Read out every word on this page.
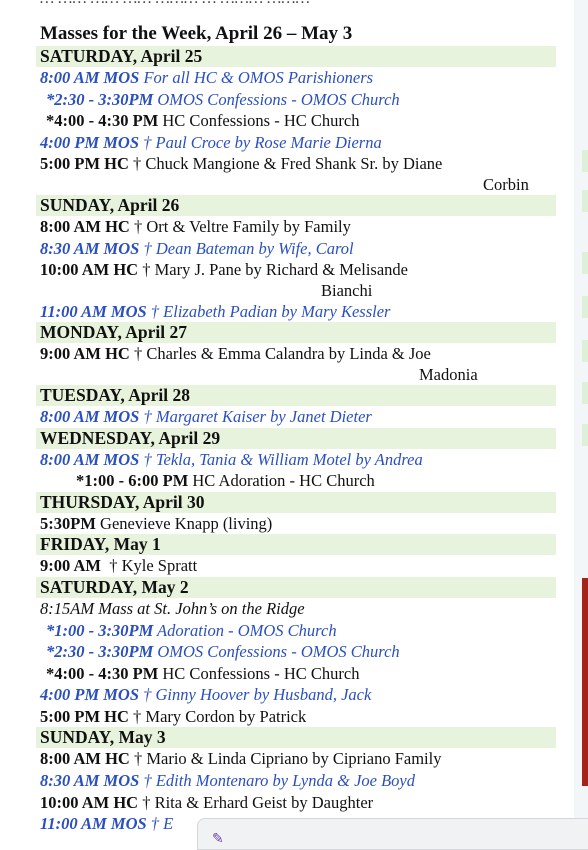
Masses for the Week, April 26 – May 3
SATURDAY, April 25
8:00 AM MOS For all HC & OMOS Parishioners
*2:30 - 3:30PM OMOS Confessions - OMOS Church
*4:00 - 4:30 PM HC Confessions - HC Church
4:00 PM MOS † Paul Croce by Rose Marie Dierna
5:00 PM HC † Chuck Mangione & Fred Shank Sr. by Diane
Corbin
SUNDAY, April 26
8:00 AM HC † Ort & Veltre Family by Family
8:30 AM MOS † Dean Bateman by Wife, Carol
10:00 AM HC † Mary J. Pane by Richard & Melisande
Bianchi
11:00 AM MOS † Elizabeth Padian by Mary Kessler
MONDAY, April 27
9:00 AM HC † Charles & Emma Calandra by Linda & Joe
Madonia
TUESDAY, April 28
8:00 AM MOS † Margaret Kaiser by Janet Dieter
WEDNESDAY, April 29
8:00 AM MOS † Tekla, Tania & William Motel by Andrea
*1:00 - 6:00 PM HC Adoration - HC Church
THURSDAY, April 30
5:30PM Genevieve Knapp (living)
FRIDAY, May 1
9:00 AM  † Kyle Spratt
SATURDAY, May 2
8:15AM Mass at St. John’s on the Ridge
*1:00 - 3:30PM Adoration - OMOS Church
*2:30 - 3:30PM OMOS Confessions - OMOS Church
*4:00 - 4:30 PM HC Confessions - HC Church
4:00 PM MOS † Ginny Hoover by Husband, Jack
5:00 PM HC † Mary Cordon by Patrick
SUNDAY, May 3
8:00 AM HC † Mario & Linda Cipriano by Cipriano Family
8:30 AM MOS † Edith Montenaro by Lynda & Joe Boyd
10:00 AM HC † Rita & Erhard Geist by Daughter
11:00 AM MOS † E
✎
